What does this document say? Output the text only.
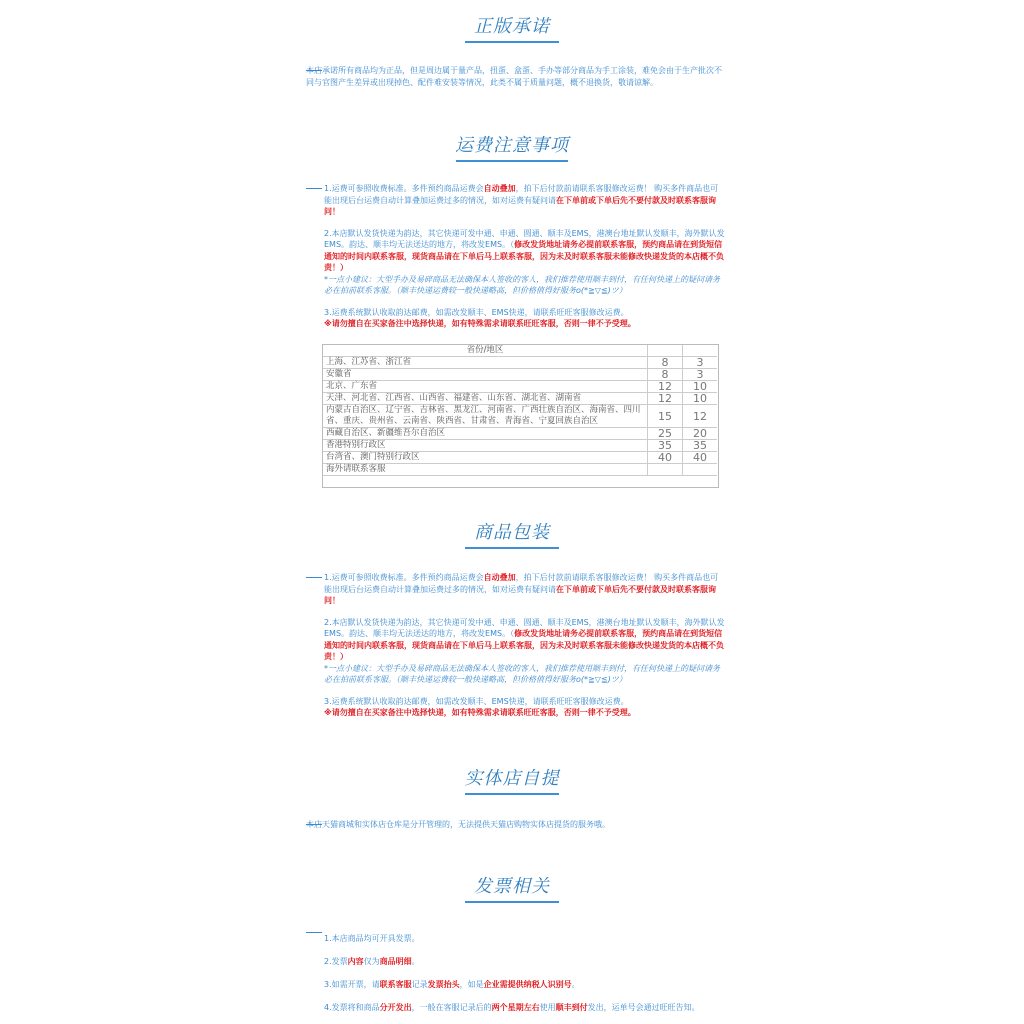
正版承诺

本店承诺所有商品均为正品，但是周边属于量产品，扭蛋、盒蛋、手办等部分商品为手工涂装，难免会由于生产批次不同与官图产生差异或出现掉色、配件难安装等情况，此类不属于质量问题，概不退换货，敬请谅解。

运费注意事项

1.运费可参照收费标准。多件预约商品运费会自动叠加，拍下后付款前请联系客服修改运费！ 购买多件商品也可能出现后台运费自动计算叠加运费过多的情况，如对运费有疑问请在下单前或下单后先不要付款及时联系客服询问！

2.本店默认发货快递为韵达，其它快递可发中通、申通、圆通、顺丰及EMS，港澳台地址默认发顺丰，海外默认发EMS。韵达、顺丰均无法送达的地方，将改发EMS。（修改发货地址请务必提前联系客服，预约商品请在到货短信通知的时间内联系客服，现货商品请在下单后马上联系客服，因为未及时联系客服未能修改快递发货的本店概不负责！）

*一点小建议：大型手办及易碎商品无法确保本人签收的客人，我们推荐使用顺丰到付，有任何快递上的疑问请务必在拍前联系客服。（顺丰快递运费较一般快递略高，但价格值得好服务o(*≧▽≦)ツ）

3.运费系统默认收取韵达邮费，如需改发顺丰、EMS快递，请联系旺旺客服修改运费。

※请勿擅自在买家备注中选择快递，如有特殊需求请联系旺旺客服，否则一律不予受理。

省份/地区		
上海、江苏省、浙江省	8	3
安徽省	8	3
北京、广东省	12	10
天津、河北省、江西省、山西省、福建省、山东省、湖北省、湖南省	12	10
内蒙古自治区、辽宁省、吉林省、黑龙江、河南省、广西壮族自治区、海南省、四川省、重庆、贵州省、云南省、陕西省、甘肃省、青海省、宁夏回族自治区	15	12
西藏自治区、新疆维吾尔自治区	25	20
香港特别行政区	35	35
台湾省、澳门特别行政区	40	40
海外请联系客服		
商品包装

1.运费可参照收费标准。多件预约商品运费会自动叠加，拍下后付款前请联系客服修改运费！ 购买多件商品也可能出现后台运费自动计算叠加运费过多的情况，如对运费有疑问请在下单前或下单后先不要付款及时联系客服询问！

2.本店默认发货快递为韵达，其它快递可发中通、申通、圆通、顺丰及EMS，港澳台地址默认发顺丰，海外默认发EMS。韵达、顺丰均无法送达的地方，将改发EMS。（修改发货地址请务必提前联系客服，预约商品请在到货短信通知的时间内联系客服，现货商品请在下单后马上联系客服，因为未及时联系客服未能修改快递发货的本店概不负责！）

*一点小建议：大型手办及易碎商品无法确保本人签收的客人，我们推荐使用顺丰到付，有任何快递上的疑问请务必在拍前联系客服。（顺丰快递运费较一般快递略高，但价格值得好服务o(*≧▽≦)ツ）

3.运费系统默认收取韵达邮费，如需改发顺丰、EMS快递，请联系旺旺客服修改运费。

※请勿擅自在买家备注中选择快递，如有特殊需求请联系旺旺客服，否则一律不予受理。

实体店自提

本店天猫商城和实体店仓库是分开管理的，无法提供天猫店购物实体店提货的服务哦。

发票相关

1.本店商品均可开具发票。

2.发票内容仅为商品明细。

3.如需开票，请联系客服记录发票抬头，如是企业需提供纳税人识别号。

4.发票将和商品分开发出，一般在客服记录后的两个星期左右使用顺丰到付发出，运单号会通过旺旺告知。
